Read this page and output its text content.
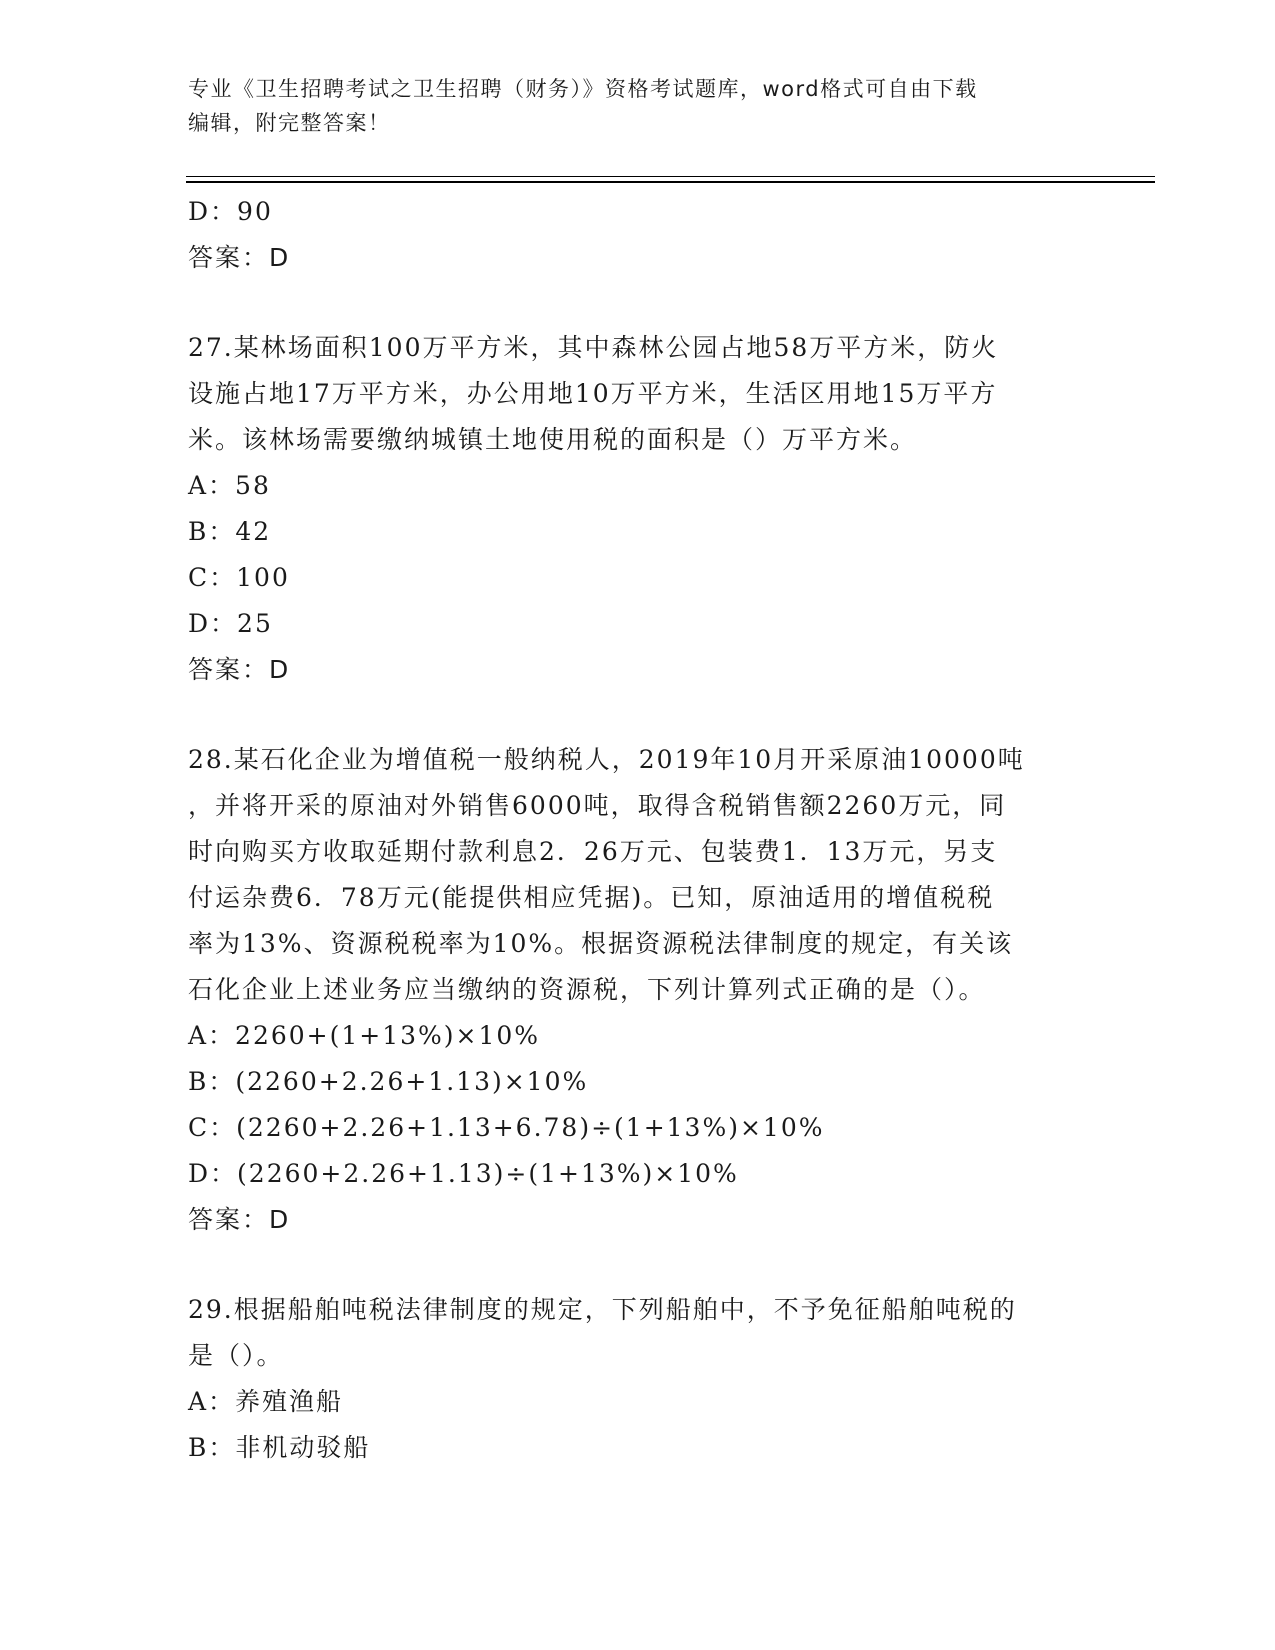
专业《卫生招聘考试之卫生招聘（财务）》资格考试题库，word格式可自由下载
编辑，附完整答案！
D：90
答案：D
27.某林场面积100万平方米，其中森林公园占地58万平方米，防火
设施占地17万平方米，办公用地10万平方米，生活区用地15万平方
米。该林场需要缴纳城镇土地使用税的面积是（）万平方米。
A：58
B：42
C：100
D：25
答案：D
28.某石化企业为增值税一般纳税人，2019年10月开采原油10000吨
，并将开采的原油对外销售6000吨，取得含税销售额2260万元，同
时向购买方收取延期付款利息2．26万元、包装费1．13万元，另支
付运杂费6．78万元(能提供相应凭据)。已知，原油适用的增值税税
率为13%、资源税税率为10%。根据资源税法律制度的规定，有关该
石化企业上述业务应当缴纳的资源税，下列计算列式正确的是（）。
A：2260+(1+13%)×10%
B：(2260+2.26+1.13)×10%
C：(2260+2.26+1.13+6.78)÷(1+13%)×10%
D：(2260+2.26+1.13)÷(1+13%)×10%
答案：D
29.根据船舶吨税法律制度的规定，下列船舶中，不予免征船舶吨税的
是（）。
A：养殖渔船
B：非机动驳船
